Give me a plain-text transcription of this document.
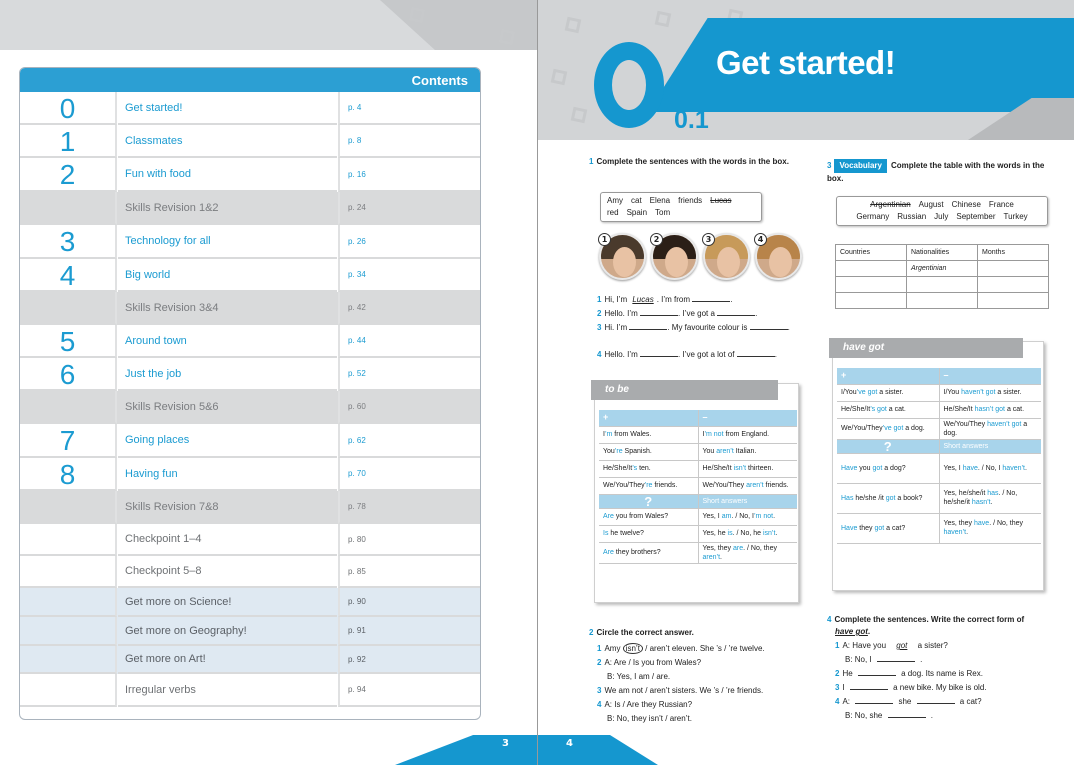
Contents
0	Get started!	p. 4
1	Classmates	p. 8
2	Fun with food	p. 16
Skills Revision 1&2	p. 24
3	Technology for all	p. 26
4	Big world	p. 34
Skills Revision 3&4	p. 42
5	Around town	p. 44
6	Just the job	p. 52
Skills Revision 5&6	p. 60
7	Going places	p. 62
8	Having fun	p. 70
Skills Revision 7&8	p. 78
Checkpoint 1–4	p. 80
Checkpoint 5–8	p. 85
Get more on Science!	p. 90
Get more on Geography!	p. 91
Get more on Art!	p. 92
Irregular verbs	p. 94
3
Get started!
0.1
4
1 Complete the sentences with the words in the box.
Amy cat Elena friends Lucas
red Spain Tom
1	2	3	4
1 Hi, I’m Lucas . I’m from	.
2 Hello. I’m	. I’ve got a	.
3 Hi. I’m	. My favourite colour is	.
4 Hello. I’m	. I’ve got a lot of	.
to be
+	–
I’m from Wales.	I’m not from England.
You’re Spanish.	You aren’t Italian.
He/She/It’s ten.	He/She/It isn’t thirteen.
We/You/They’re friends.	We/You/They aren’t friends.
?	Short answers
Are you from Wales?	Yes, I am. / No, I’m not.
Is he twelve?	Yes, he is. / No, he isn’t.
Are they brothers?	Yes, they are. / No, they aren’t.
2 Circle the correct answer.
1 Amy isn’t / aren’t eleven. She ’s / ’re twelve.
2 A: Are / Is you from Wales?
B: Yes, I am / are.
3 We am not / aren’t sisters. We ’s / ’re friends.
4 A: Is / Are they Russian?
B: No, they isn’t / aren’t.
3 Vocabulary Complete the table with the words in the box.
Argentinian August Chinese France
Germany Russian July September Turkey
Countries	Nationalities	Months
	Argentinian	

have got
+	–
I/You’ve got a sister.	I/You haven’t got a sister.
He/She/It’s got a cat.	He/She/It hasn’t got a cat.
We/You/They’ve got a dog.	We/You/They haven’t got a dog.
?	Short answers
Have you got a dog?	Yes, I have. / No, I haven’t.
Has he/she /it got a book?	Yes, he/she/it has. / No, he/she/it hasn’t.
Have they got a cat?	Yes, they have. / No, they haven’t.
4 Complete the sentences. Write the correct form of
have got.
1 A: Have you got a sister?
B: No, I	.
2 He	a dog. Its name is Rex.
3 I	a new bike. My bike is old.
4 A:	she	a cat?
B: No, she	.
